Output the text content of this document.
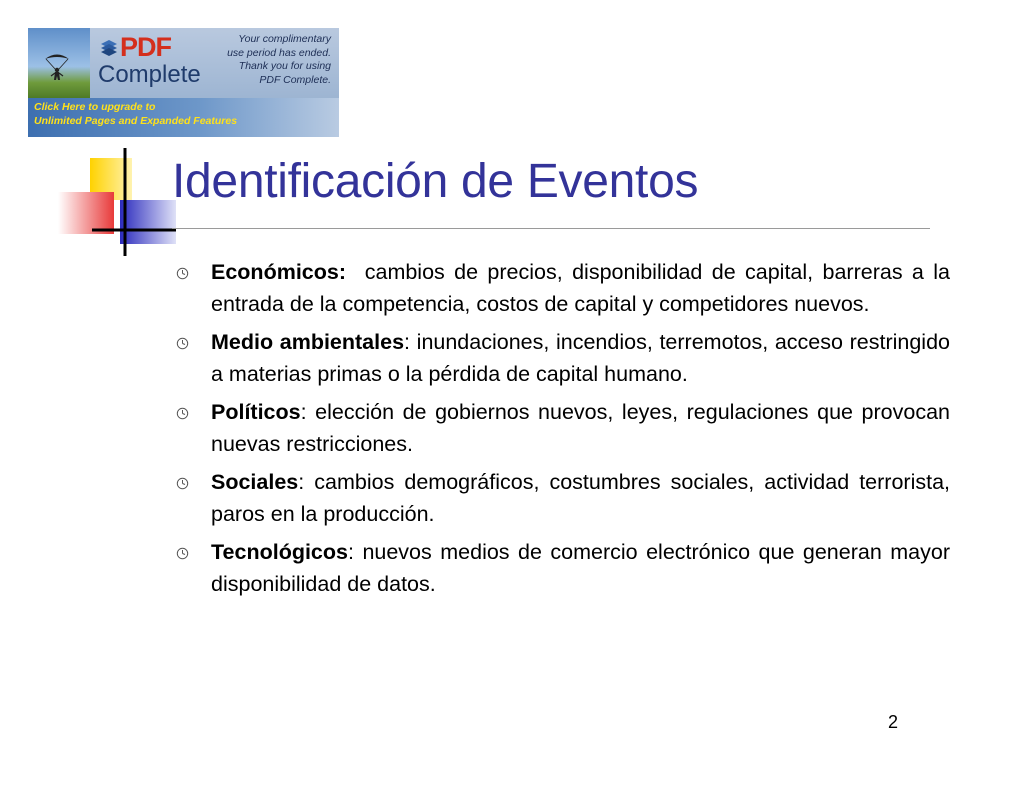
PDF
Complete
Your complimentary
use period has ended.
Thank you for using
PDF Complete.
Click Here to upgrade to
Unlimited Pages and Expanded Features
Identificación de Eventos
Económicos:  cambios de precios, disponibilidad de capital, barreras a la entrada de la competencia, costos de capital y competidores nuevos.
Medio ambientales: inundaciones, incendios, terremotos, acceso restringido a materias primas o la pérdida de capital humano.
Políticos: elección de gobiernos nuevos, leyes, regulaciones que provocan nuevas restricciones.
Sociales: cambios demográficos, costumbres sociales, actividad terrorista, paros en la producción.
Tecnológicos: nuevos medios de comercio electrónico que generan mayor disponibilidad de datos.
2
